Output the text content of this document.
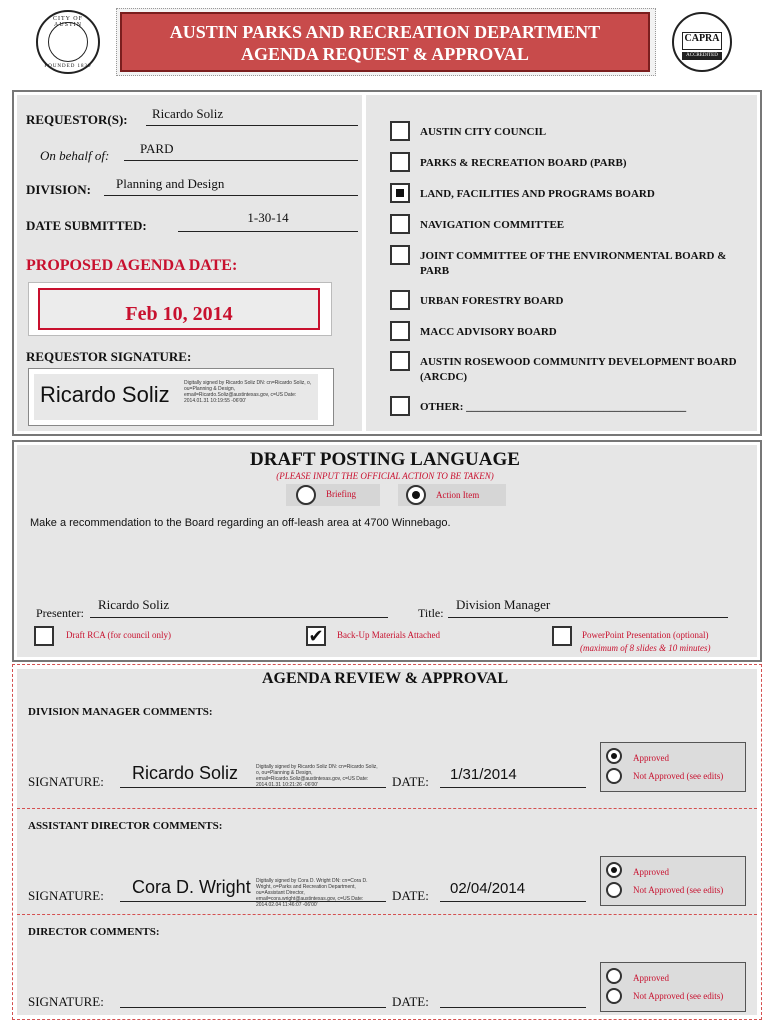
CITY OF AUSTIN
FOUNDED 1839
AUSTIN PARKS AND RECREATION DEPARTMENT
AGENDA REQUEST & APPROVAL
CAPRA
ACCREDITED
REQUESTOR(S):	Ricardo Soliz
On behalf of:	PARD
DIVISION:	Planning and Design
DATE SUBMITTED:
1-30-14
PROPOSED AGENDA DATE:
Feb 10, 2014
REQUESTOR SIGNATURE:
Ricardo Soliz	Digitally signed by Ricardo Soliz DN: cn=Ricardo Soliz, o, ou=Planning & Design, email=Ricardo.Soliz@austintexas.gov, c=US Date: 2014.01.31 10:19:55 -06'00'
AUSTIN CITY COUNCIL
PARKS & RECREATION BOARD (PARB)
LAND, FACILITIES AND PROGRAMS BOARD
NAVIGATION COMMITTEE
JOINT COMMITTEE OF THE ENVIRONMENTAL BOARD & PARB
URBAN FORESTRY BOARD
MACC ADVISORY BOARD
AUSTIN ROSEWOOD COMMUNITY DEVELOPMENT BOARD (ARCDC)
OTHER: ________________________________________
DRAFT POSTING LANGUAGE
(PLEASE INPUT THE OFFICIAL ACTION TO BE TAKEN)
Briefing	Action Item
Make a recommendation to the Board regarding an off-leash area at 4700 Winnebago.
Presenter:
Ricardo Soliz
Title:
Division Manager
Draft RCA (for council only)	✔ Back-Up Materials Attached	PowerPoint Presentation (optional)
(maximum of 8 slides & 10 minutes)
AGENDA REVIEW & APPROVAL
DIVISION MANAGER COMMENTS:
SIGNATURE: Ricardo Soliz	Digitally signed by Ricardo Soliz DN: cn=Ricardo Soliz, o, ou=Planning & Design, email=Ricardo.Soliz@austintexas.gov, c=US Date: 2014.01.31 10:21:26 -06'00'	DATE: 1/31/2014
Approved
Not Approved (see edits)
ASSISTANT DIRECTOR COMMENTS:
SIGNATURE: Cora D. Wright Digitally signed by Cora D. Wright DN: cn=Cora D. Wright, o=Parks and Recreation Department, ou=Assistant Director, email=cora.wright@austintexas.gov, c=US Date: 2014.02.04 11:46:07 -06'00'
DATE: 02/04/2014
Approved
Not Approved (see edits)
DIRECTOR COMMENTS:
SIGNATURE:	DATE:
Approved
Not Approved (see edits)
